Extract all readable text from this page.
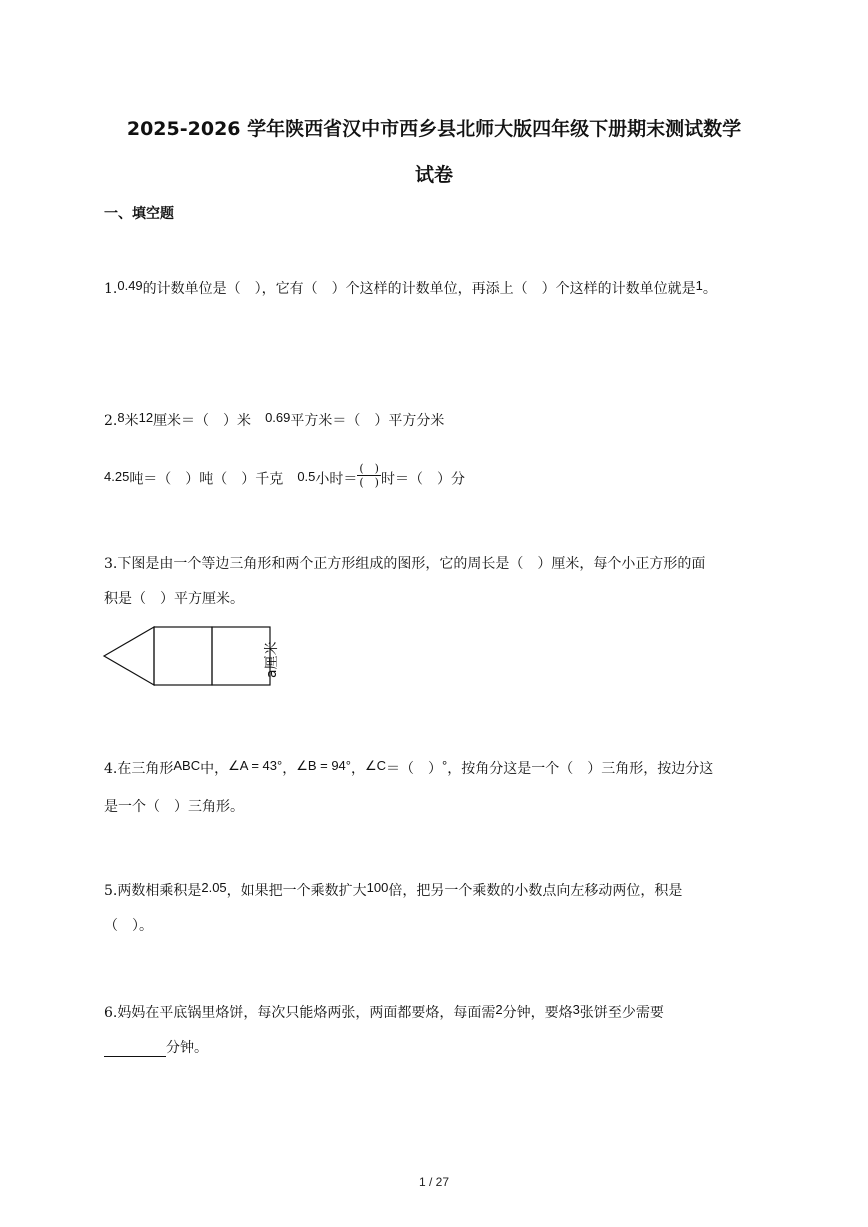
2025-2026 学年陕西省汉中市西乡县北师大版四年级下册期末测试数学
试卷
一、填空题
1.0.49的计数单位是（　），它有（　）个这样的计数单位，再添上（　）个这样的计数单位就是1。
2.8米12厘米＝（　）米　0.69平方米＝（　）平方分米
4.25吨＝（　）吨（　）千克　0.5小时＝ $\frac{( )}{( )}$ 时＝（　）分
3.下图是由一个等边三角形和两个正方形组成的图形，它的周长是（　）厘米，每个小正方形的面
积是（　）平方厘米。
a厘米
4.在三角形ABC中，∠A = 43°，∠B = 94°，∠C＝（　）°，按角分这是一个（　）三角形，按边分这
是一个（　）三角形。
5.两数相乘积是2.05，如果把一个乘数扩大100倍，把另一个乘数的小数点向左移动两位，积是
（　）。
6.妈妈在平底锅里烙饼，每次只能烙两张，两面都要烙，每面需2分钟，要烙3张饼至少需要
分钟。
1 / 27
